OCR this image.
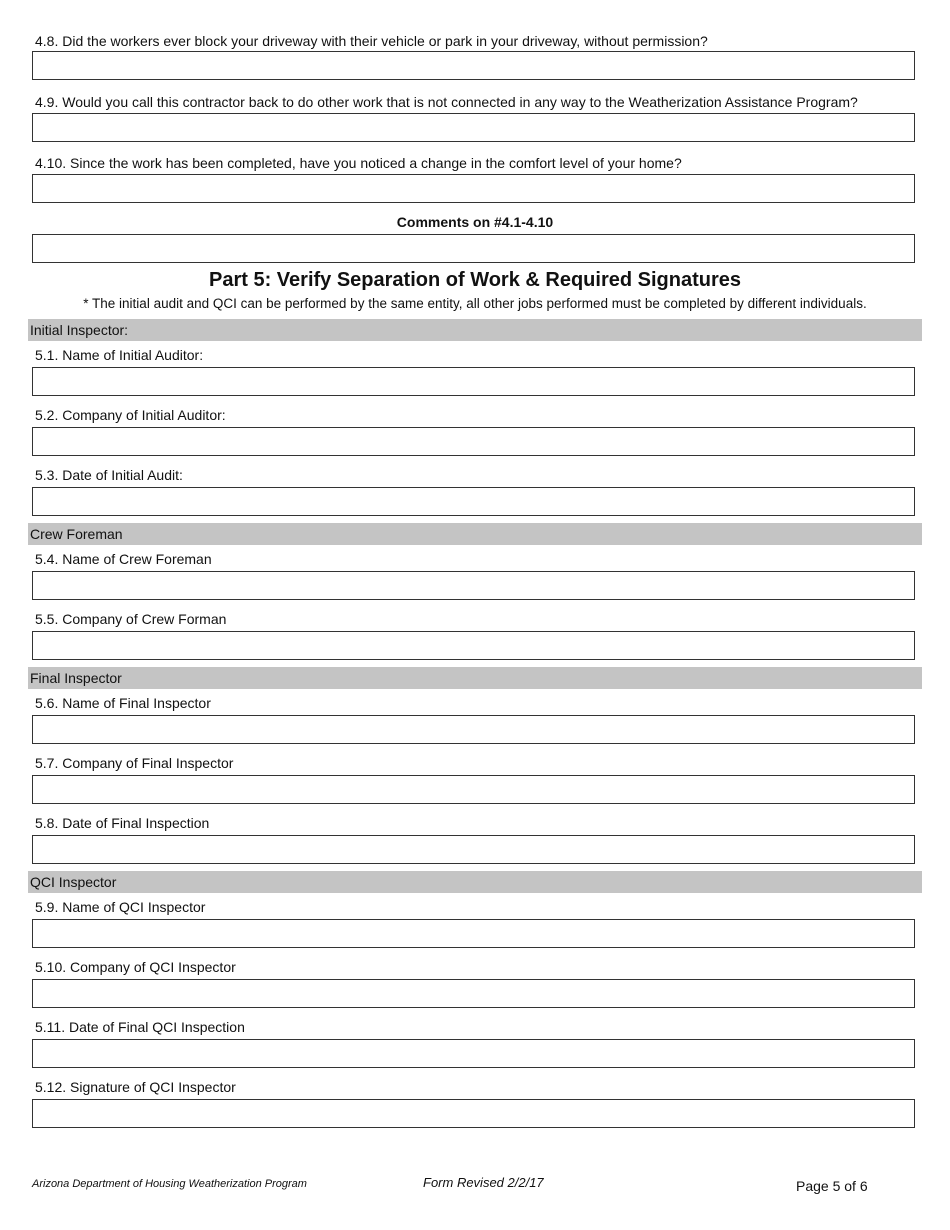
4.8. Did the workers ever block your driveway with their vehicle or park in your driveway, without permission?
4.9. Would you call this contractor back to do other work that is not connected in any way to the Weatherization Assistance Program?
4.10. Since the work has been completed, have you noticed a change in the comfort level of your home?
Comments on #4.1-4.10
Part 5: Verify Separation of Work & Required Signatures
* The initial audit and QCI can be performed by the same entity, all other jobs performed must be completed by different individuals.
Initial Inspector:
5.1. Name of Initial Auditor:
5.2. Company of Initial Auditor:
5.3. Date of Initial Audit:
Crew Foreman
5.4. Name of Crew Foreman
5.5. Company of Crew Forman
Final Inspector
5.6. Name of Final Inspector
5.7. Company of Final Inspector
5.8. Date of Final Inspection
QCI Inspector
5.9. Name of QCI Inspector
5.10. Company of QCI Inspector
5.11. Date of Final QCI Inspection
5.12. Signature of QCI Inspector
Arizona Department of Housing Weatherization Program	Form Revised 2/2/17	Page 5 of 6
